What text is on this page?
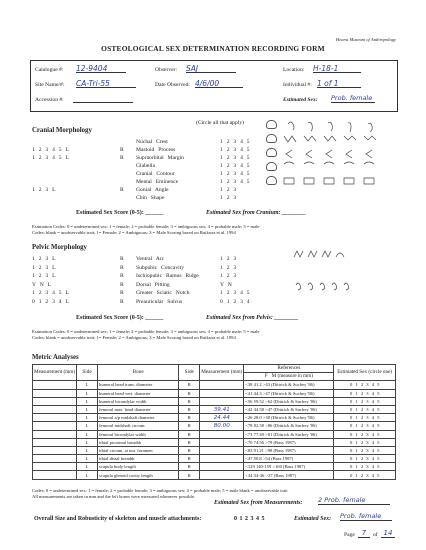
Hearst Museum of Anthropology
OSTEOLOGICAL SEX DETERMINATION RECORDING FORM
Catalogue #: 12-9404	Observer: SAJ	Location: H-18-1
Site Name/#: CA-Tri-55	Date Observed: 4/6/00	Individual #: 1 of 1
Accession #:	Estimated Sex: Prob. female
Cranial Morphology
(Circle all that apply)
Nuchal Crest	1 2 3 4 5
1 2 3 4 5 L	R Mastoid Process	1 2 3 4 5
1 2 3 4 5 L	R Supraorbital Margin	1 2 3 4 5
Glabella	1 2 3 4 5
Cranial Contour	1 2 3 4 5
Mental Eminence	1 2 3 4 5
1 2 3 L	R Gonial Angle	1 2 3
Chin Shape	1 2 3
Estimated Sex Score (0-5): ______	Estimated Sex from Cranium: ________
Estimation Codes: 0 = undetermined sex; 1 = female; 2 = probable female; 3 = ambiguous sex; 4 = probable male; 5 = male
Codes: blank = unobservable trait; 1= Female; 2 = Ambiguous; 3 = Male Scoring based on Buikstra et al. 1994
Pelvic Morphology
1 2 3 L	R Ventral Arc	1 2 3
1 2 3 L	R Subpubic Concavity	1 2 3
1 2 3 L	R Ischiopubic Ramus Ridge	1 2 3
Y N L	R Dorsal Pitting	Y N
1 2 3 4 5 L	R Greater Sciatic Notch	1 2 3 4 5
0 1 2 3 4 L	R Preauricular Sulcus	0 1 2 3 4
Estimated Sex Score (0-5): ______	Estimated Sex from Pelvis: ________
Estimation Codes: 0 = undetermined sex; 1 = female; 2 = probable female; 3 = ambiguous sex; 4 = probable male; 5 = male
Codes: blank = unobservable trait; 1= Female; 2 = Ambiguous; 3 = Male Scoring based on Buikstra et al. 1994
Metric Analyses
Measurement (mm)	Side	Bone	Side	Measurement (mm)	References	Estimated Sex (circle one)
					F M (measure in mm)	
	L	humeral head trans. diameter	R		<38 41.2 >43 (Dittrick & Suchey '86)	0 1 2 3 4 5
	L	humeral head vert. diameter	R		<41 44.3 >47 (Dittrick & Suchey '86)	0 1 2 3 4 5
	L	humeral bicondylar width	R		<56 59.52 >62 (Dittrick & Suchey '86)	0 1 2 3 4 5
	L	femoral max. head diameter	R	39.41	<42 44.58 >47 (Dittrick & Suchey '86)	0 1 2 3 4 5
	L	femoral a/p midshaft diameter	R	24.44	<26 28.0 >30 (Dittrick & Suchey '86)	0 1 2 3 4 5
	L	femoral midshaft circum.	R	80.00	<78 82.58 >86 (Dittrick & Suchey '86)	0 1 2 3 4 5
	L	femoral bicondylar width	R		<73 77.49 >81 (Dittrick & Suchey '86)	0 1 2 3 4 5
	L	tibial proximal breadth	R		<70 74.56 >79 (Bass 1987)	0 1 2 3 4 5
	L	tibial circum. at nut. foramen	R		<83 91.21 >98 (Bass 1987)	0 1 2 3 4 5
	L	tibial distal breadth	R		<47 50.8 >54 (Bass 1987)	0 1 2 3 4 5
	L	scapula body length	R		<129 140-159 >160 (Bass 1987)	0 1 2 3 4 5
	L	scapula glenoid cavity length	R		<34 34-36 >37 (Bass 1987)	0 1 2 3 4 5
Codes: 0 = undetermined sex; 1 = female; 2 = probable female; 3 = ambiguous sex; 4 = probable male; 5 = male blank = unobservable trait
All measurements are taken in mm and the left bones were measured whenever possible.
Estimated Sex from Measurements: 2 Prob. female
Overall Size and Robusticity of skeleton and muscle attachments:	0 1 2 3 4 5	Estimated Sex: Prob. female
Page 7	of 14
